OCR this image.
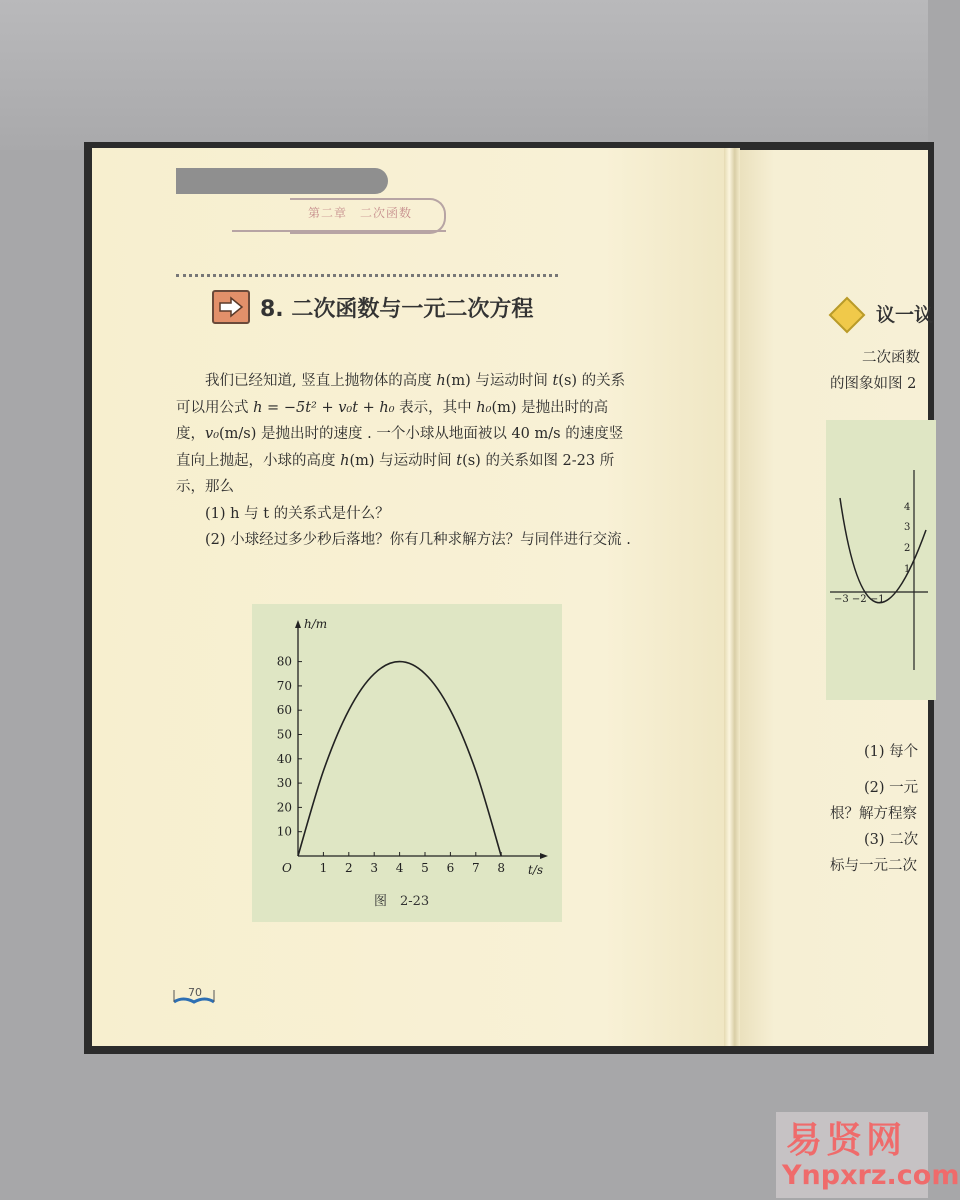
第二章　二次函数
8. 二次函数与一元二次方程

我们已经知道, 竖直上抛物体的高度 h(m) 与运动时间 t(s) 的关系可以用公式 h = −5t² + v₀t + h₀ 表示，其中 h₀(m) 是抛出时的高度，v₀(m/s) 是抛出时的速度 . 一个小球从地面被以 40 m/s 的速度竖直向上抛起，小球的高度 h(m) 与运动时间 t(s) 的关系如图 2-23 所示，那么

(1) h 与 t 的关系式是什么？

(2) 小球经过多少秒后落地？你有几种求解方法？与同伴进行交流 .

1 2 3 4 5 6 7 8
10
20
30
40
50
60
70
80
t/s
h/m
O
图　2-23
70
议一议
二次函数
的图象如图 2
−3 −2 −1
4
3
2
1
(1) 每个
(2) 一元
根？解方程察
(3) 二次
标与一元二次
易贤网
Ynpxrz.com
